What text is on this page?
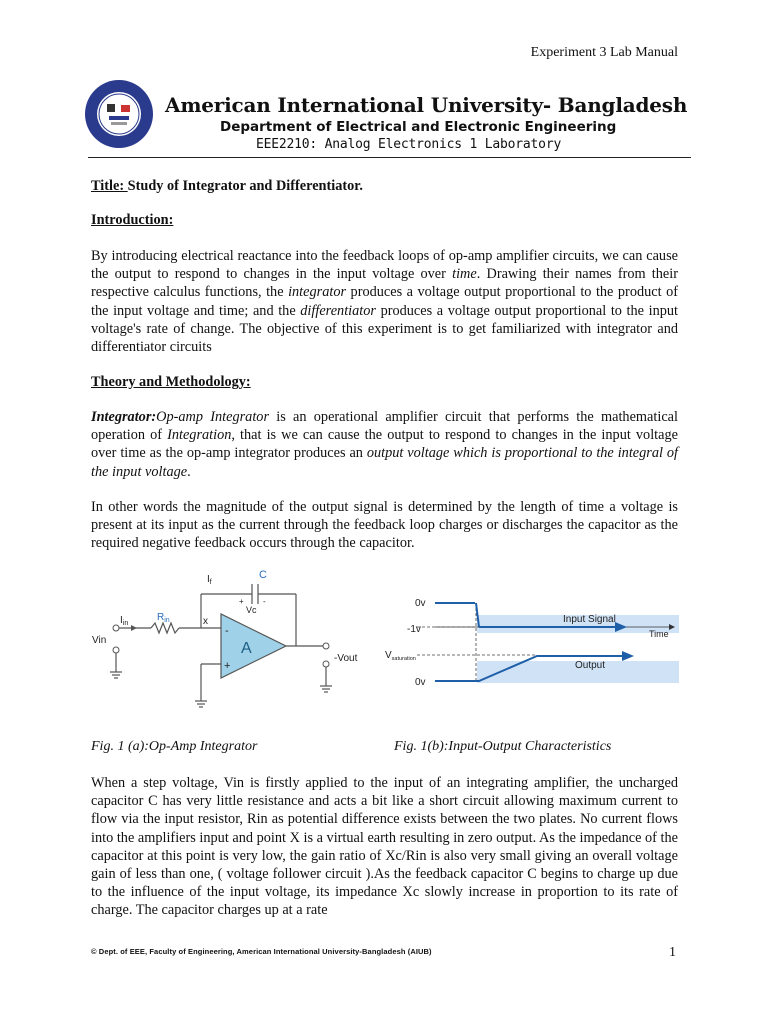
Experiment 3 Lab Manual
American International University- Bangladesh
Department of Electrical and Electronic Engineering
EEE2210: Analog Electronics 1 Laboratory
Title: Study of Integrator and Differentiator.
Introduction:
By introducing electrical reactance into the feedback loops of op-amp amplifier circuits, we can cause the output to respond to changes in the input voltage over time. Drawing their names from their respective calculus functions, the integrator produces a voltage output proportional to the product of the input voltage and time; and the differentiator produces a voltage output proportional to the input voltage's rate of change. The objective of this experiment is to get familiarized with integrator and differentiator circuits
Theory and Methodology:
Integrator:Op-amp Integrator is an operational amplifier circuit that performs the mathematical operation of Integration, that is we can cause the output to respond to changes in the input voltage over time as the op-amp integrator produces an output voltage which is proportional to the integral of the input voltage.
In other words the magnitude of the output signal is determined by the length of time a voltage is present at its input as the current through the feedback loop charges or discharges the capacitor as the required negative feedback occurs through the capacitor.
$I_f$
C
+ -
Vc
$I_{in}$
$R_{in}$	x
Vin	A
-
+
-Vout
0v
-1v
$V_{saturation}$
0v
Input Signal
Output
Time
Fig. 1 (a):Op-Amp Integrator	Fig. 1(b):Input-Output Characteristics
When a step voltage, Vin is firstly applied to the input of an integrating amplifier, the uncharged capacitor C has very little resistance and acts a bit like a short circuit allowing maximum current to flow via the input resistor, Rin as potential difference exists between the two plates. No current flows into the amplifiers input and point X is a virtual earth resulting in zero output. As the impedance of the capacitor at this point is very low, the gain ratio of Xc/Rin is also very small giving an overall voltage gain of less than one, ( voltage follower circuit ).As the feedback capacitor C begins to charge up due to the influence of the input voltage, its impedance Xc slowly increase in proportion to its rate of charge. The capacitor charges up at a rate
© Dept. of EEE, Faculty of Engineering, American International University-Bangladesh (AIUB)	1
